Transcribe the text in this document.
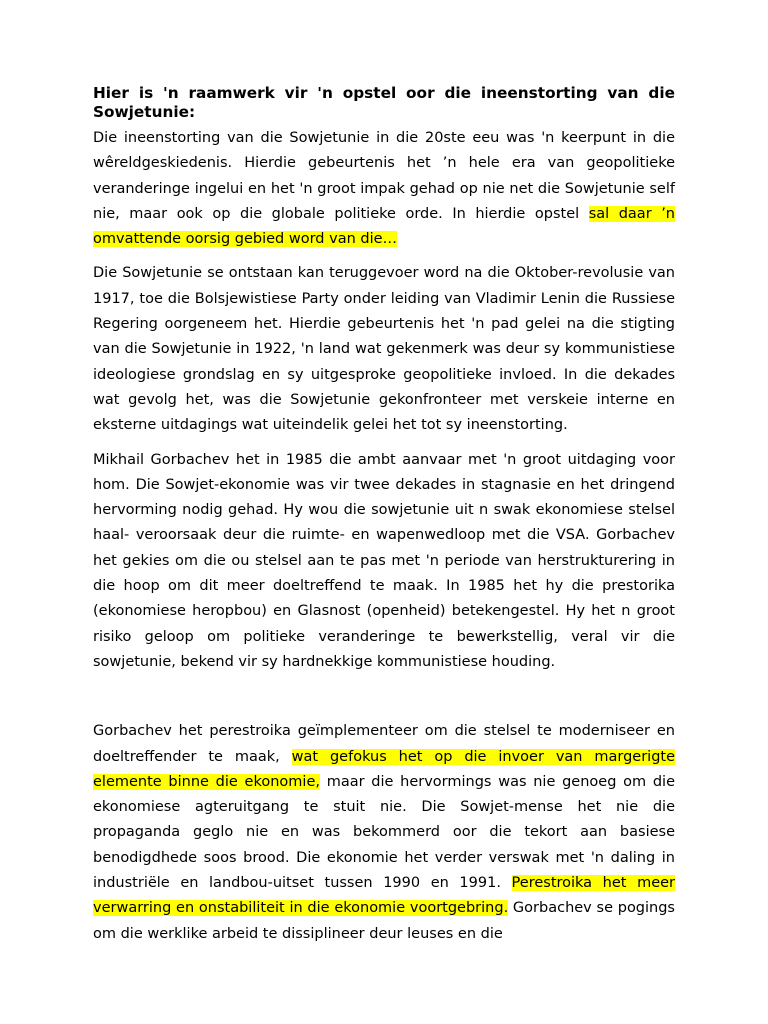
Hier is 'n raamwerk vir 'n opstel oor die ineenstorting van die Sowjetunie:

Die ineenstorting van die Sowjetunie in die 20ste eeu was 'n keerpunt in die wêreldgeskiedenis. Hierdie gebeurtenis het ’n hele era van geopolitieke veranderinge ingelui en het 'n groot impak gehad op nie net die Sowjetunie self nie, maar ook op die globale politieke orde. In hierdie opstel sal daar ’n omvattende oorsig gebied word van die…

Die Sowjetunie se ontstaan kan teruggevoer word na die Oktober-revolusie van 1917, toe die Bolsjewistiese Party onder leiding van Vladimir Lenin die Russiese Regering oorgeneem het. Hierdie gebeurtenis het 'n pad gelei na die stigting van die Sowjetunie in 1922, 'n land wat gekenmerk was deur sy kommunistiese ideologiese grondslag en sy uitgesproke geopolitieke invloed. In die dekades wat gevolg het, was die Sowjetunie gekonfronteer met verskeie interne en eksterne uitdagings wat uiteindelik gelei het tot sy ineenstorting.

Mikhail Gorbachev het in 1985 die ambt aanvaar met 'n groot uitdaging voor hom. Die Sowjet-ekonomie was vir twee dekades in stagnasie en het dringend hervorming nodig gehad. Hy wou die sowjetunie uit n swak ekonomiese stelsel haal- veroorsaak deur die ruimte- en wapenwedloop met die VSA. Gorbachev het gekies om die ou stelsel aan te pas met 'n periode van herstrukturering in die hoop om dit meer doeltreffend te maak. In 1985 het hy die prestorika (ekonomiese heropbou) en Glasnost (openheid) betekengestel. Hy het n groot risiko geloop om politieke veranderinge te bewerkstellig, veral vir die sowjetunie, bekend vir sy hardnekkige kommunistiese houding.

Gorbachev het perestroika geïmplementeer om die stelsel te moderniseer en doeltreffender te maak, wat gefokus het op die invoer van margerigte elemente binne die ekonomie, maar die hervormings was nie genoeg om die ekonomiese agteruitgang te stuit nie. Die Sowjet-mense het nie die propaganda geglo nie en was bekommerd oor die tekort aan basiese benodigdhede soos brood. Die ekonomie het verder verswak met 'n daling in industriële en landbou-uitset tussen 1990 en 1991. Perestroika het meer verwarring en onstabiliteit in die ekonomie voortgebring. Gorbachev se pogings om die werklike arbeid te dissiplineer deur leuses en die
